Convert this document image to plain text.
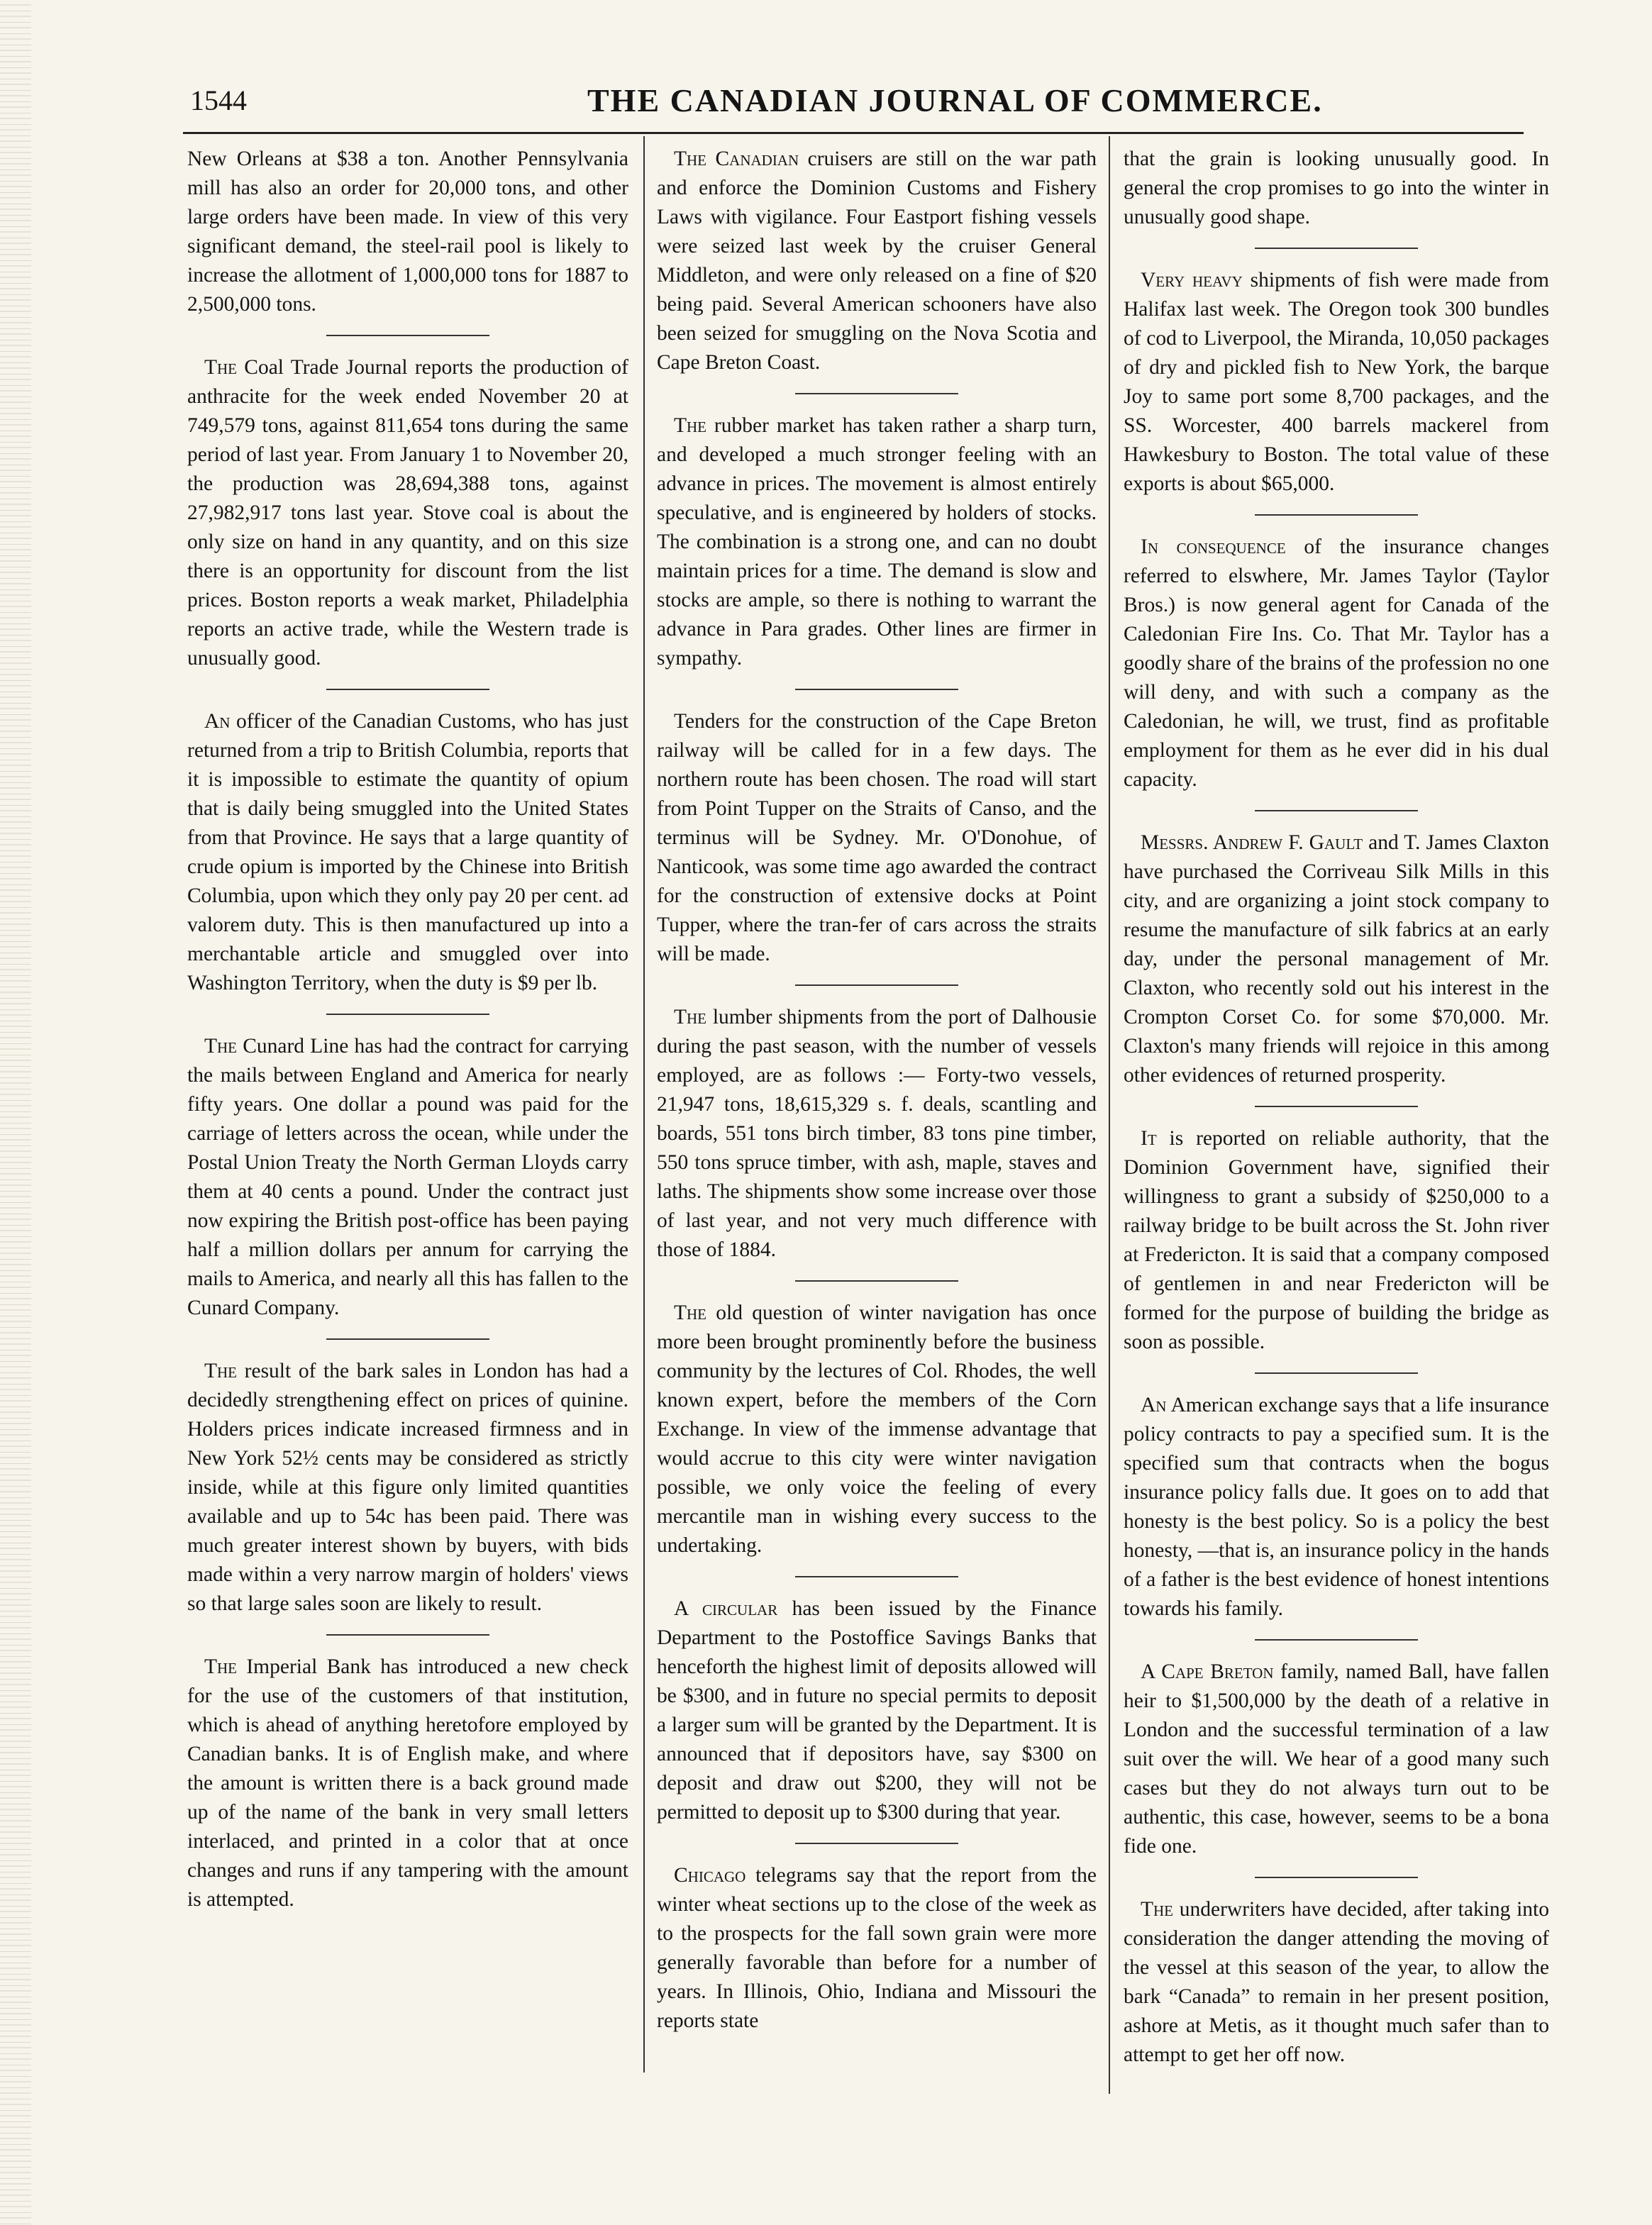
1544	THE CANADIAN JOURNAL OF COMMERCE.

New Orleans at $38 a ton. Another Pennsylvania mill has also an order for 20,000 tons, and other large orders have been made. In view of this very significant demand, the steel-rail pool is likely to increase the allotment of 1,000,000 tons for 1887 to 2,500,000 tons.

The Coal Trade Journal reports the production of anthracite for the week ended November 20 at 749,579 tons, against 811,654 tons during the same period of last year. From January 1 to November 20, the production was 28,694,388 tons, against 27,982,917 tons last year. Stove coal is about the only size on hand in any quantity, and on this size there is an opportunity for discount from the list prices. Boston reports a weak market, Philadelphia reports an active trade, while the Western trade is unusually good.

An officer of the Canadian Customs, who has just returned from a trip to British Columbia, reports that it is impossible to estimate the quantity of opium that is daily being smuggled into the United States from that Province. He says that a large quantity of crude opium is imported by the Chinese into British Columbia, upon which they only pay 20 per cent. ad valorem duty. This is then manufactured up into a merchantable article and smuggled over into Washington Territory, when the duty is $9 per lb.

The Cunard Line has had the contract for carrying the mails between England and America for nearly fifty years. One dollar a pound was paid for the carriage of letters across the ocean, while under the Postal Union Treaty the North German Lloyds carry them at 40 cents a pound. Under the contract just now expiring the British post-office has been paying half a million dollars per annum for carrying the mails to America, and nearly all this has fallen to the Cunard Company.

The result of the bark sales in London has had a decidedly strengthening effect on prices of quinine. Holders prices indicate increased firmness and in New York 52½ cents may be considered as strictly inside, while at this figure only limited quantities available and up to 54c has been paid. There was much greater interest shown by buyers, with bids made within a very narrow margin of holders' views so that large sales soon are likely to result.

The Imperial Bank has introduced a new check for the use of the customers of that institution, which is ahead of anything heretofore employed by Canadian banks. It is of English make, and where the amount is written there is a back ground made up of the name of the bank in very small letters interlaced, and printed in a color that at once changes and runs if any tampering with the amount is attempted.

The Canadian cruisers are still on the war path and enforce the Dominion Customs and Fishery Laws with vigilance. Four Eastport fishing vessels were seized last week by the cruiser General Middleton, and were only released on a fine of $20 being paid. Several American schooners have also been seized for smuggling on the Nova Scotia and Cape Breton Coast.

The rubber market has taken rather a sharp turn, and developed a much stronger feeling with an advance in prices. The movement is almost entirely speculative, and is engineered by holders of stocks. The combination is a strong one, and can no doubt maintain prices for a time. The demand is slow and stocks are ample, so there is nothing to warrant the advance in Para grades. Other lines are firmer in sympathy.

Tenders for the construction of the Cape Breton railway will be called for in a few days. The northern route has been chosen. The road will start from Point Tupper on the Straits of Canso, and the terminus will be Sydney. Mr. O'Donohue, of Nanticook, was some time ago awarded the contract for the construction of extensive docks at Point Tupper, where the tran-fer of cars across the straits will be made.

The lumber shipments from the port of Dalhousie during the past season, with the number of vessels employed, are as follows :— Forty-two vessels, 21,947 tons, 18,615,329 s. f. deals, scantling and boards, 551 tons birch timber, 83 tons pine timber, 550 tons spruce timber, with ash, maple, staves and laths. The shipments show some increase over those of last year, and not very much difference with those of 1884.

The old question of winter navigation has once more been brought prominently before the business community by the lectures of Col. Rhodes, the well known expert, before the members of the Corn Exchange. In view of the immense advantage that would accrue to this city were winter navigation possible, we only voice the feeling of every mercantile man in wishing every success to the undertaking.

A circular has been issued by the Finance Department to the Postoffice Savings Banks that henceforth the highest limit of deposits allowed will be $300, and in future no special permits to deposit a larger sum will be granted by the Department. It is announced that if depositors have, say $300 on deposit and draw out $200, they will not be permitted to deposit up to $300 during that year.

Chicago telegrams say that the report from the winter wheat sections up to the close of the week as to the prospects for the fall sown grain were more generally favorable than before for a number of years. In Illinois, Ohio, Indiana and Missouri the reports state

that the grain is looking unusually good. In general the crop promises to go into the winter in unusually good shape.

Very heavy shipments of fish were made from Halifax last week. The Oregon took 300 bundles of cod to Liverpool, the Miranda, 10,050 packages of dry and pickled fish to New York, the barque Joy to same port some 8,700 packages, and the SS. Worcester, 400 barrels mackerel from Hawkesbury to Boston. The total value of these exports is about $65,000.

In consequence of the insurance changes referred to elswhere, Mr. James Taylor (Taylor Bros.) is now general agent for Canada of the Caledonian Fire Ins. Co. That Mr. Taylor has a goodly share of the brains of the profession no one will deny, and with such a company as the Caledonian, he will, we trust, find as profitable employment for them as he ever did in his dual capacity.

Messrs. Andrew F. Gault and T. James Claxton have purchased the Corriveau Silk Mills in this city, and are organizing a joint stock company to resume the manufacture of silk fabrics at an early day, under the personal management of Mr. Claxton, who recently sold out his interest in the Crompton Corset Co. for some $70,000. Mr. Claxton's many friends will rejoice in this among other evidences of returned prosperity.

It is reported on reliable authority, that the Dominion Government have, signified their willingness to grant a subsidy of $250,000 to a railway bridge to be built across the St. John river at Fredericton. It is said that a company composed of gentlemen in and near Fredericton will be formed for the purpose of building the bridge as soon as possible.

An American exchange says that a life insurance policy contracts to pay a specified sum. It is the specified sum that contracts when the bogus insurance policy falls due. It goes on to add that honesty is the best policy. So is a policy the best honesty, —that is, an insurance policy in the hands of a father is the best evidence of honest intentions towards his family.

A Cape Breton family, named Ball, have fallen heir to $1,500,000 by the death of a relative in London and the successful termination of a law suit over the will. We hear of a good many such cases but they do not always turn out to be authentic, this case, however, seems to be a bona fide one.

The underwriters have decided, after taking into consideration the danger attending the moving of the vessel at this season of the year, to allow the bark “Canada” to remain in her present position, ashore at Metis, as it thought much safer than to attempt to get her off now.
